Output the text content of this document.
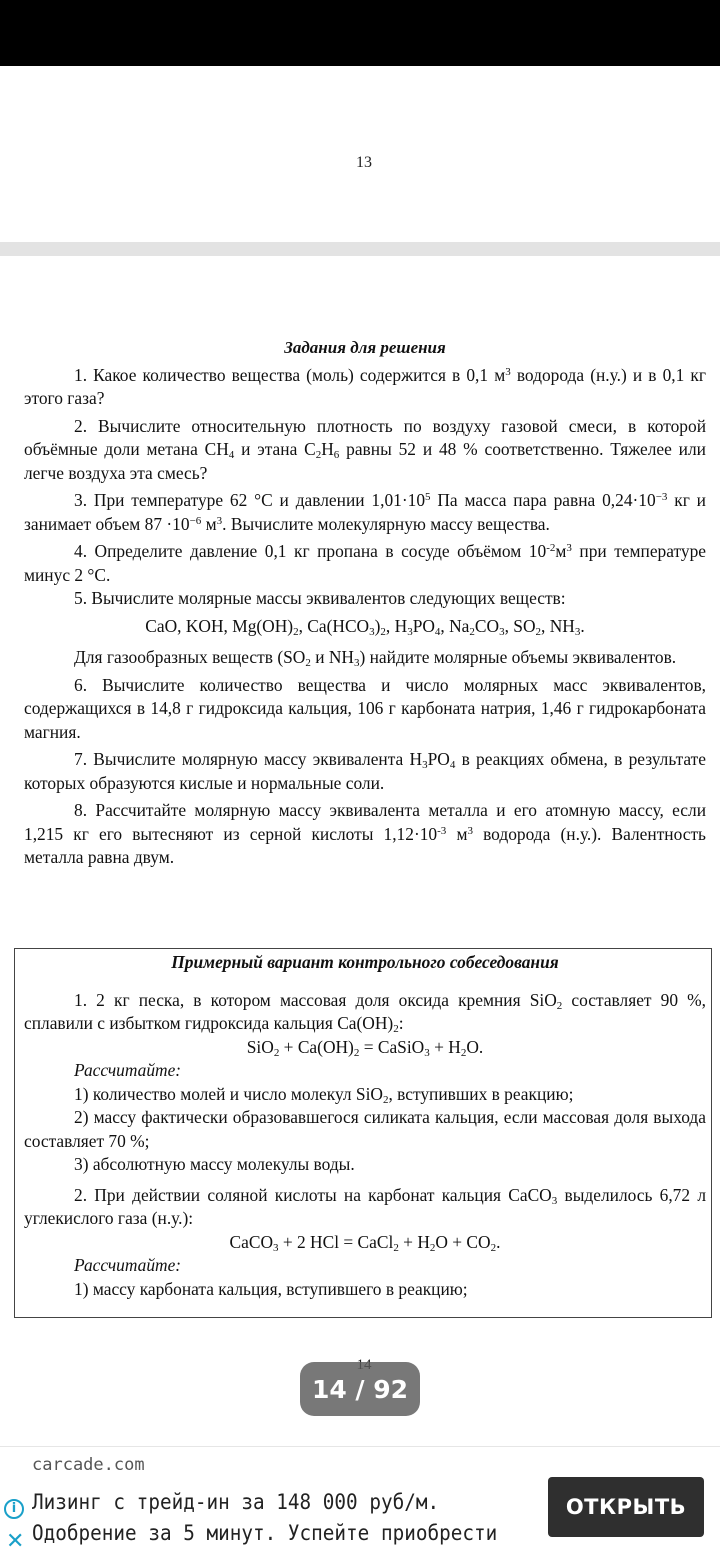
13

Задания для решения

1. Какое количество вещества (моль) содержится в 0,1 $м^3$ водорода (н.у.) и в 0,1 кг этого газа?

2. Вычислите относительную плотность по воздуху газовой смеси, в которой объёмные доли метана $CH_4$ и этана $C_2H_6$ равны 52 и 48 % соответственно. Тяжелее или легче воздуха эта смесь?

3. При температуре 62 °C и давлении $1,01\cdot 10^5$ Па масса пара равна $0,24\cdot 10^{-3}$ кг и занимает объем $87 \cdot 10^{-6}$ $м^3$. Вычислите молекулярную массу вещества.

4. Определите давление 0,1 кг пропана в сосуде объёмом $10^{-2}м^3$ при температуре минус 2 °C.

5. Вычислите молярные массы эквивалентов следующих веществ:

CaO, KOH, $Mg(OH)_2$, $Ca(HCO_3)_2$, $H_3PO_4$, $Na_2CO_3$, $SO_2$, $NH_3$.

Для газообразных веществ ($SO_2$ и $NH_3$) найдите молярные объемы эквивалентов.

6. Вычислите количество вещества и число молярных масс эквивалентов, содержащихся в 14,8 г гидроксида кальция, 106 г карбоната натрия, 1,46 г гидрокарбоната магния.

7. Вычислите молярную массу эквивалента $H_3PO_4$ в реакциях обмена, в результате которых образуются кислые и нормальные соли.

8. Рассчитайте молярную массу эквивалента металла и его атомную массу, если 1,215 кг его вытесняют из серной кислоты $1,12\cdot 10^{-3}$ $м^3$ водорода (н.у.). Валентность металла равна двум.

Примерный вариант контрольного собеседования

1. 2 кг песка, в котором массовая доля оксида кремния SiO$_2$ составляет 90 %, сплавили с избытком гидроксида кальция $Ca(OH)_2$:

$SiO_2 + Ca(OH)_2$ = CaSiO$_3$ + $H_2O$.

Рассчитайте:

1) количество молей и число молекул SiO$_2$, вступивших в реакцию;

2) массу фактически образовавшегося силиката кальция, если массовая доля выхода составляет 70 %;

3) абсолютную массу молекулы воды.

2. При действии соляной кислоты на карбонат кальция CaCO$_3$ выделилось 6,72 л углекислого газа (н.у.):

CaCO$_3$ + 2 HCl = CaCl$_2$ + $H_2O + CO_2$.

Рассчитайте:

1) массу карбоната кальция, вступившего в реакцию;

14 / 92
carcade.com
i
✕
Лизинг с трейд-ин за 148 000 руб/м. Одобрение за 5 минут. Успейте приобрести
ОТКРЫТЬ
